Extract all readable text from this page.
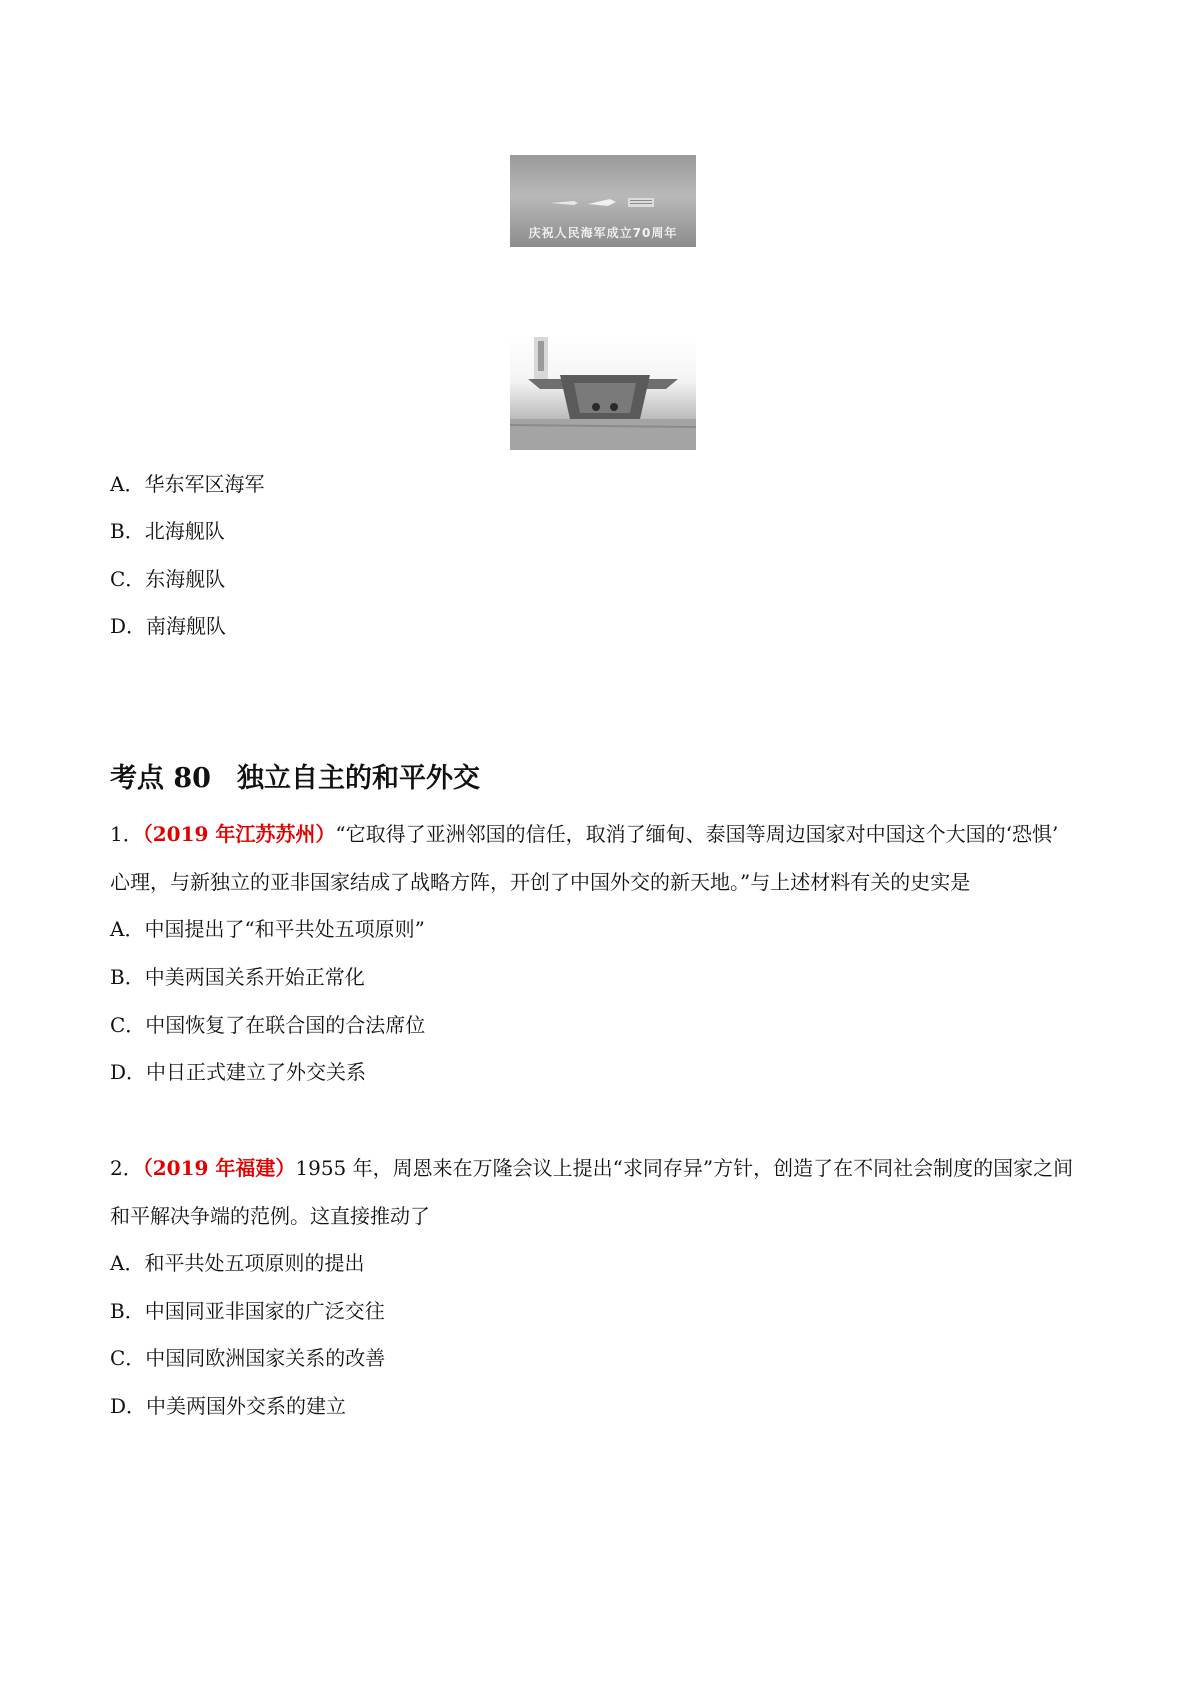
庆祝人民海军成立70周年
A．华东军区海军
B．北海舰队
C．东海舰队
D．南海舰队
考点 80 独立自主的和平外交
1．（2019 年江苏苏州）“它取得了亚洲邻国的信任，取消了缅甸、泰国等周边国家对中国这个大国的‘恐惧’
心理，与新独立的亚非国家结成了战略方阵，开创了中国外交的新天地。”与上述材料有关的史实是
A．中国提出了“和平共处五项原则”
B．中美两国关系开始正常化
C．中国恢复了在联合国的合法席位
D．中日正式建立了外交关系
2．（2019 年福建）1955 年，周恩来在万隆会议上提出“求同存异”方针，创造了在不同社会制度的国家之间
和平解决争端的范例。这直接推动了
A．和平共处五项原则的提出
B．中国同亚非国家的广泛交往
C．中国同欧洲国家关系的改善
D．中美两国外交系的建立
